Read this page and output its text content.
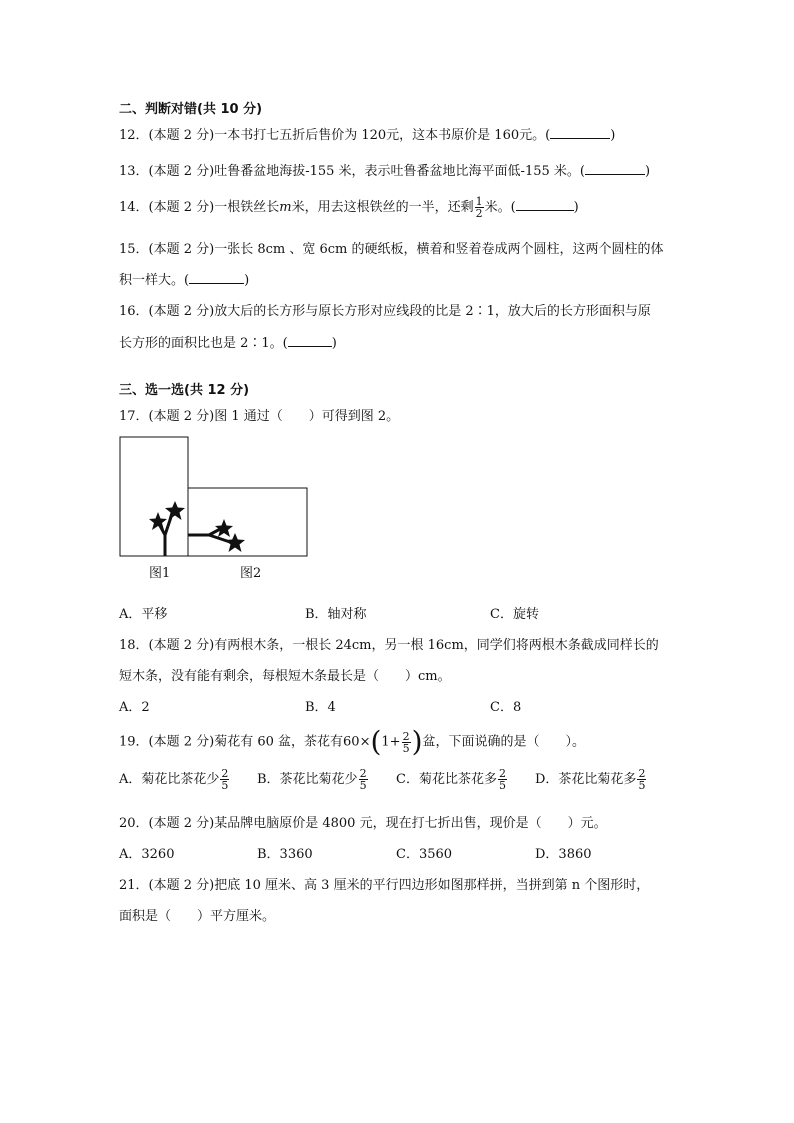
二、判断对错(共 10 分)
12．(本题 2 分)一本书打七五折后售价为 120元，这本书原价是 160元。(	)
13．(本题 2 分)吐鲁番盆地海拔-155 米，表示吐鲁番盆地比海平面低-155 米。(	)
14．(本题 2 分)一根铁丝长m米，用去这根铁丝的一半，还剩 $\frac{1}{2}$ 米。(	)
15．(本题 2 分)一张长 8cm 、宽 6cm 的硬纸板，横着和竖着卷成两个圆柱，这两个圆柱的体
积一样大。(	)
16．(本题 2 分)放大后的长方形与原长方形对应线段的比是 2∶1，放大后的长方形面积与原
长方形的面积比也是 2∶1。(	)
三、选一选(共 12 分)
17．(本题 2 分)图 1 通过（　　）可得到图 2。
图1	图2
A．平移	B．轴对称	C．旋转
18．(本题 2 分)有两根木条，一根长 24cm，另一根 16cm，同学们将两根木条截成同样长的
短木条，没有能有剩余，每根短木条最长是（　　）cm。
A．2	B．4	C．8
19．(本题 2 分)菊花有 60 盆，茶花有$60\times(1+ \frac{2}{5}$ )盆，下面说确的是（　　）。
A．菊花比茶花少 $\frac{2}{5}$ B．茶花比菊花少 $\frac{2}{5}$ C．菊花比茶花多 $\frac{2}{5}$ D．茶花比菊花多 $\frac{2}{5}$
20．(本题 2 分)某品牌电脑原价是 4800 元，现在打七折出售，现价是（　　）元。
A．3260	B．3360	C．3560	D．3860
21．(本题 2 分)把底 10 厘米、高 3 厘米的平行四边形如图那样拼，当拼到第 n 个图形时，
面积是（　　）平方厘米。
